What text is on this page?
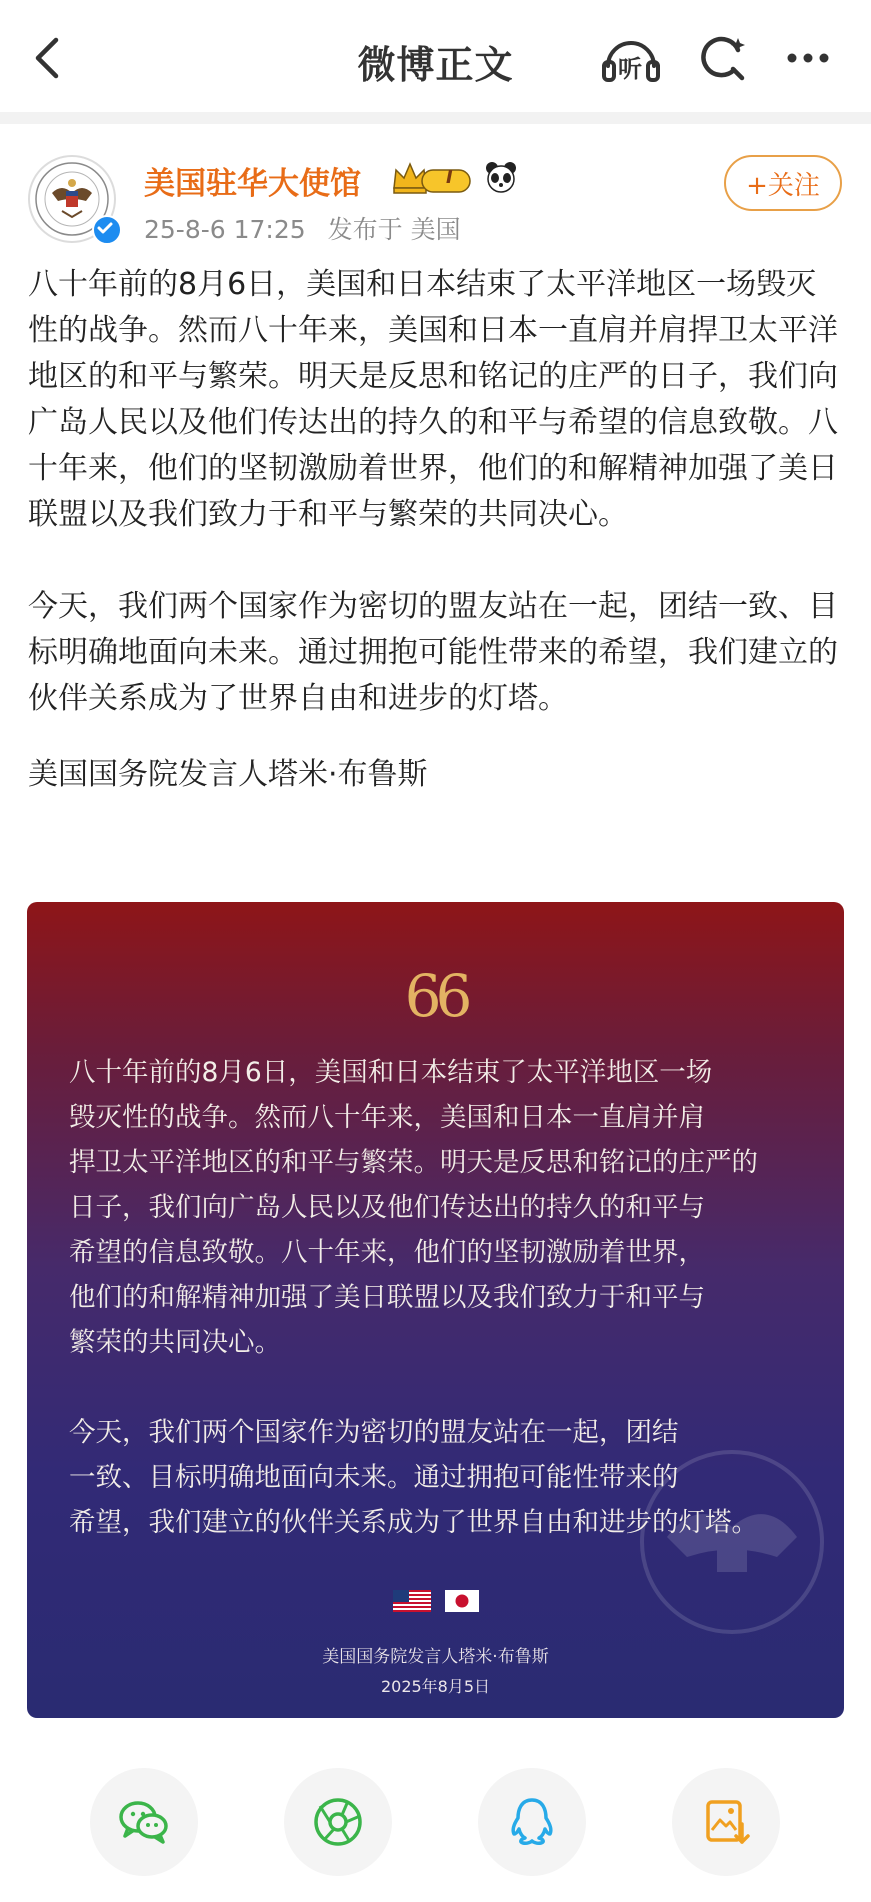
微博正文	听
美国驻华大使馆	I
25-8-6 17:25 发布于 美国
+关注

八十年前的8月6日，美国和日本结束了太平洋地区一场毁灭性的战争。然而八十年来，美国和日本一直肩并肩捍卫太平洋地区的和平与繁荣。明天是反思和铭记的庄严的日子，我们向广岛人民以及他们传达出的持久的和平与希望的信息致敬。八十年来，他们的坚韧激励着世界，他们的和解精神加强了美日联盟以及我们致力于和平与繁荣的共同决心。

今天，我们两个国家作为密切的盟友站在一起，团结一致、目标明确地面向未来。通过拥抱可能性带来的希望，我们建立的伙伴关系成为了世界自由和进步的灯塔。

美国国务院发言人塔米·布鲁斯

66

八十年前的8月6日，美国和日本结束了太平洋地区一场

毁灭性的战争。然而八十年来，美国和日本一直肩并肩

捍卫太平洋地区的和平与繁荣。明天是反思和铭记的庄严的

日子，我们向广岛人民以及他们传达出的持久的和平与

希望的信息致敬。八十年来，他们的坚韧激励着世界，

他们的和解精神加强了美日联盟以及我们致力于和平与

繁荣的共同决心。

今天，我们两个国家作为密切的盟友站在一起，团结

一致、目标明确地面向未来。通过拥抱可能性带来的

希望，我们建立的伙伴关系成为了世界自由和进步的灯塔。

美国国务院发言人塔米·布鲁斯
2025年8月5日
